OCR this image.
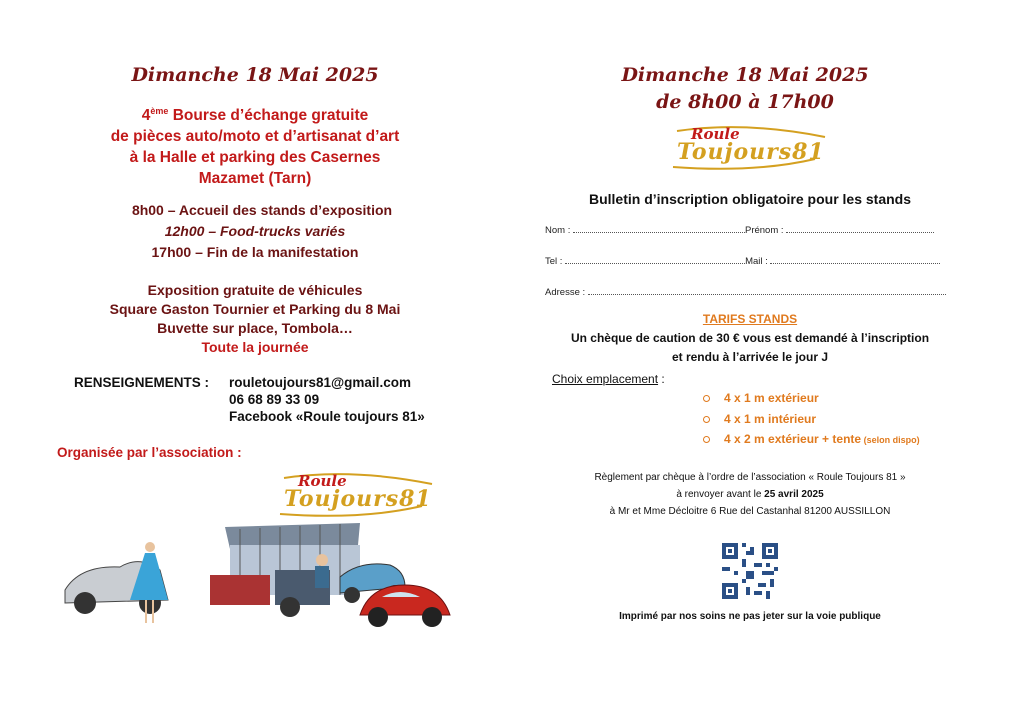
Dimanche 18 Mai 2025
4ème Bourse d’échange gratuite
de pièces auto/moto et d’artisanat d’art
à la Halle et parking des Casernes
Mazamet (Tarn)
8h00 – Accueil des stands d’exposition
12h00 – Food-trucks variés
17h00 – Fin de la manifestation
Exposition gratuite de véhicules
Square Gaston Tournier et Parking du 8 Mai
Buvette sur place, Tombola…
Toute la journée
RENSEIGNEMENTS : rouletoujours81@gmail.com
06 68 89 33 09
Facebook «Roule toujours 81»
Organisée par l’association :
Roule
Toujours81
Dimanche 18 Mai 2025
de 8h00 à 17h00
Roule
Toujours81
Bulletin d’inscription obligatoire pour les stands
Nom :	Prénom :
Tel :	Mail :
Adresse :
TARIFS STANDS
Un chèque de caution de 30 € vous est demandé à l’inscription
et rendu à l’arrivée le jour J
Choix emplacement :
4 x 1 m extérieur
4 x 1 m intérieur
4 x 2 m extérieur + tente (selon dispo)
Règlement par chèque à l’ordre de l’association « Roule Toujours 81 »
à renvoyer avant le 25 avril 2025
à Mr et Mme Décloitre 6 Rue del Castanhal 81200 AUSSILLON
Imprimé par nos soins ne pas jeter sur la voie publique
